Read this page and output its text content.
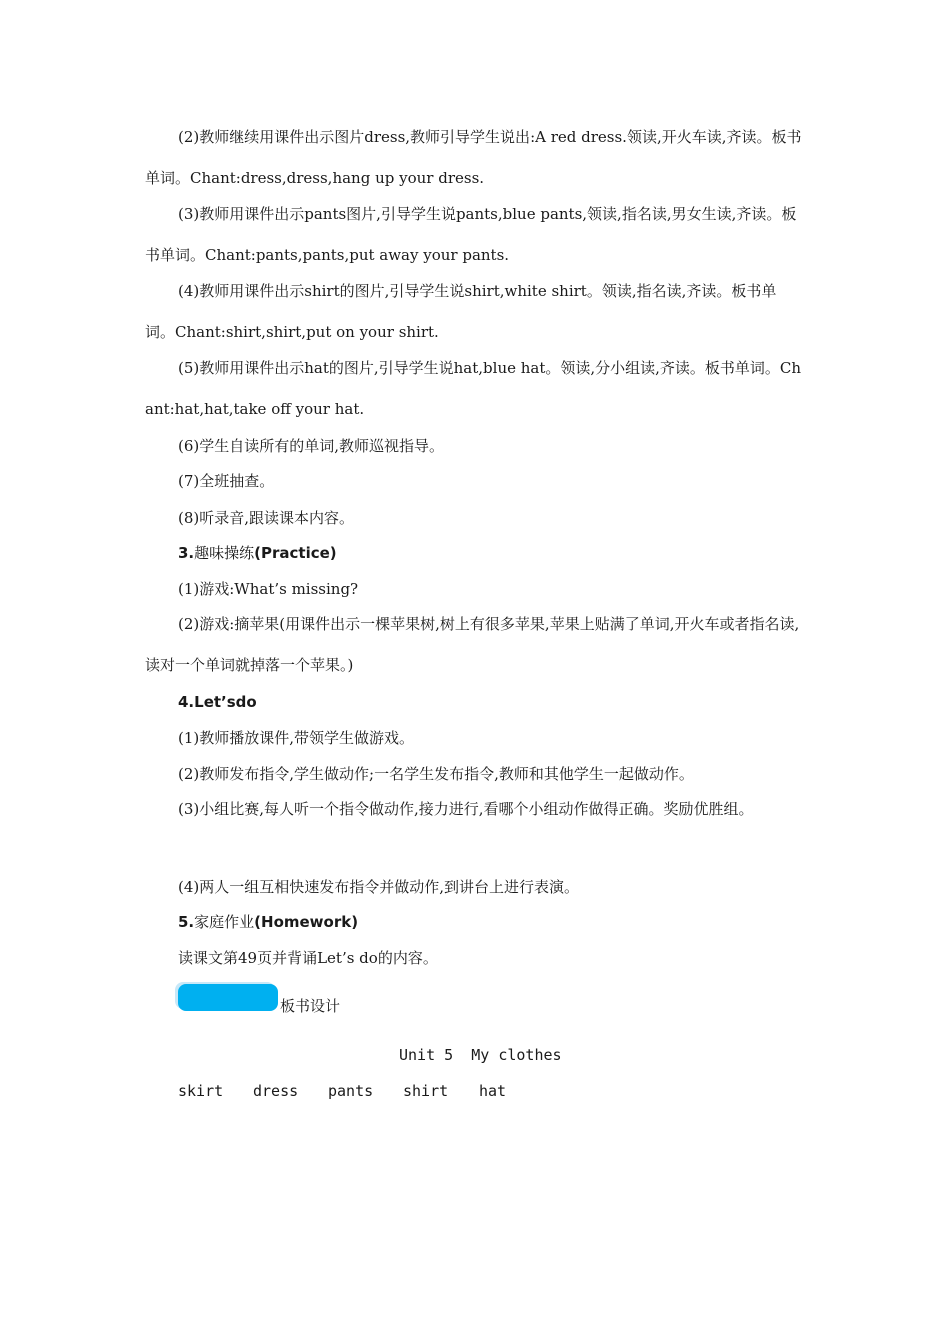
(2)教师继续用课件出示图片dress,教师引导学生说出:A red dress.领读,开火车读,齐读。板书单词。Chant:dress,dress,hang up your dress.
(3)教师用课件出示pants图片,引导学生说pants,blue pants,领读,指名读,男女生读,齐读。板书单词。Chant:pants,pants,put away your pants.
(4)教师用课件出示shirt的图片,引导学生说shirt,white shirt。领读,指名读,齐读。板书单词。Chant:shirt,shirt,put on your shirt.
(5)教师用课件出示hat的图片,引导学生说hat,blue hat。领读,分小组读,齐读。板书单词。Chant:hat,hat,take off your hat.
(6)学生自读所有的单词,教师巡视指导。
(7)全班抽查。
(8)听录音,跟读课本内容。
3.趣味操练(Practice)
(1)游戏:What’s missing?
(2)游戏:摘苹果(用课件出示一棵苹果树,树上有很多苹果,苹果上贴满了单词,开火车或者指名读,读对一个单词就掉落一个苹果。)
4.Let’sdo
(1)教师播放课件,带领学生做游戏。
(2)教师发布指令,学生做动作;一名学生发布指令,教师和其他学生一起做动作。
(3)小组比赛,每人听一个指令做动作,接力进行,看哪个小组动作做得正确。奖励优胜组。
(4)两人一组互相快速发布指令并做动作,到讲台上进行表演。
5.家庭作业(Homework)
读课文第49页并背诵Let’s do的内容。
板书设计
Unit 5  My clothes
skirt dress pants shirt hat
